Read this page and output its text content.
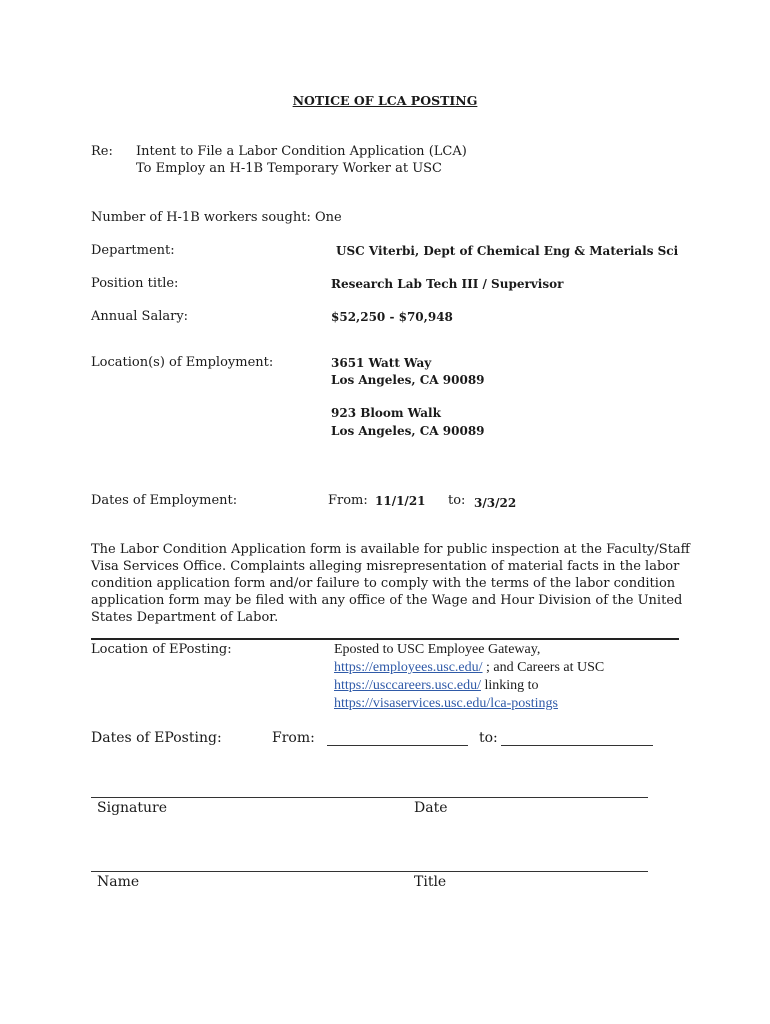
NOTICE OF LCA POSTING
Re: Intent to File a Labor Condition Application (LCA)
To Employ an H-1B Temporary Worker at USC
Number of H-1B workers sought: One
Department:	USC Viterbi, Dept of Chemical Eng & Materials Sci
Position title:	Research Lab Tech III / Supervisor
Annual Salary:	$52,250 - $70,948
Location(s) of Employment:	3651 Watt Way
Los Angeles, CA 90089
923 Bloom Walk
Los Angeles, CA 90089
Dates of Employment:	From: 11/1/21 to: 3/3/22
The Labor Condition Application form is available for public inspection at the Faculty/Staff Visa Services Office. Complaints alleging misrepresentation of material facts in the labor condition application form and/or failure to comply with the terms of the labor condition application form may be filed with any office of the Wage and Hour Division of the United States Department of Labor.
Location of EPosting:	Eposted to USC Employee Gateway,
https://employees.usc.edu/ ; and Careers at USC
https://usccareers.usc.edu/ linking to
https://visaservices.usc.edu/lca-postings
Dates of EPosting:	From:	to:
Signature	Date
Name	Title
